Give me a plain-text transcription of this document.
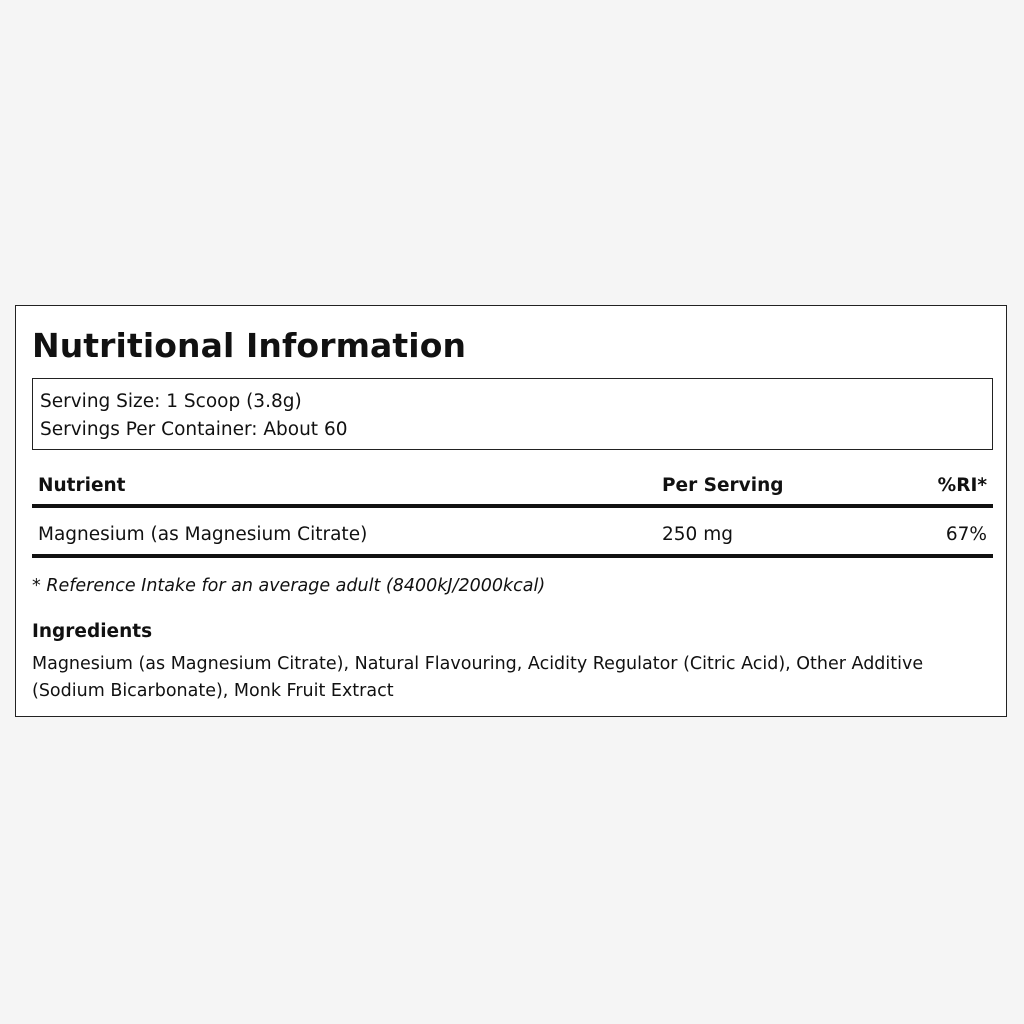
Nutritional Information
Serving Size: 1 Scoop (3.8g)
Servings Per Container: About 60
Nutrient	Per Serving	%RI*
Magnesium (as Magnesium Citrate)	250 mg	67%
* Reference Intake for an average adult (8400kJ/2000kcal)
Ingredients
Magnesium (as Magnesium Citrate), Natural Flavouring, Acidity Regulator (Citric Acid), Other Additive (Sodium Bicarbonate), Monk Fruit Extract
